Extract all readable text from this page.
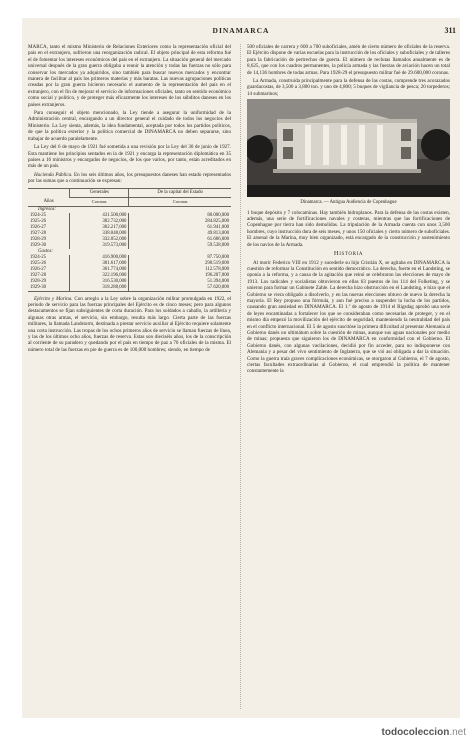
DINAMARCA	311

MARCA, tanto el mismo Ministerio de Relaciones Exteriores como la representación oficial del país en el extranjero, sufrieron una reorganización radical. El objeto principal de esta reforma fué el de fomentar los intereses económicos del país en el extranjero. La situación general del mercado universal después de la gran guerra obligaba a reunir la atención y todas las fuerzas no sólo para conservar los mercados ya adquiridos, sino también para buscar nuevos mercados y encontrar manera de facilitar al país los primeros materias y más baratas. Las nuevas agrupaciones políticas creadas por la gran guerra hicieron necesario el aumento de la representación del país en el extranjero, con el fin de mejorar el servicio de informaciones oficiales, tanto en sentido económico como social y político, y de proteger más eficazmente los intereses de los súbditos daneses en los países extranjeros.

Para conseguir el objeto mencionado, la Ley tiende a asegurar la uniformidad de la Administración central, encargando a un director general el cuidado de todos los negocios del Ministerio. La Ley sienta, además, la idea fundamental, aceptada por todos los partidos políticos, de que la política exterior y la política comercial de DINAMARCA no deben separarse, sino trabajar de acuerdo paralelamente.

La Ley del 6 de mayo de 1921 fué sometida a una revisión por la Ley del 30 de junio de 1927. Esta mantiene los principios sentados en la de 1921 y encarga la representación diplomática en 35 países a 16 ministros y encargados de negocios, de los que varios, por tanto, están acreditados en más de un país.

Hacienda Pública. En los seis últimos años, los presupuestos daneses han estado representados por las sumas que a continuación se expresan:

Años	Generales	De la capital del Estado
	Coronas	Coronas
Ingresos:		
1924-25	431.500,000	80.000,000
1925-26	382.732,000	284.825,000
1926-27	362.217,000	61.941,000
1927-28	338.048,000	49.813,000
1928-29	332.052,000	61.686,000
1929-30	319.573,000	59.538,000
Gastos:		
1924-25	416.900,000	87.750,000
1925-26	381.617,000	290.519,000
1926-27	361.774,000	112.578,000
1927-28	322.196,000	196.207,000
1928-29	316.530,000	51.394,000
1929-30	318.288,000	57.620,000

Ejército y Marina. Con arreglo a la Ley sobre la organización militar promulgada en 1922, el período de servicio para las fuerzas principales del Ejército es de cinco meses; pero para algunos destacamentos se fijan subsiguientes de corta duración. Para los soldados a caballo, la artillería y algunas otras armas, el servicio, sin embargo, resulta más largo. Cierta parte de las fuerzas militares, la llamada Landstorm, destinada a prestar servicio auxiliar al Ejército requiere solamente una corta instrucción. Las tropas de los ochos primeros años de servicio se llaman fuerzas de línea, y las de los últimos ocho años, fuerzas de reserva. Estas son dieciséis años, los de la conscripción al corriente de su paradero y quedando por el país en tiempo de paz a 70 oficiales de la misma. El número total de las fuerzas en pie de guerra es de 100,000 hombres; siendo, en tiempo de

500 oficiales de carrera y 600 a 700 suboficiales, amén de cierto número de oficiales de la reserva. El Ejército dispone de varias escuelas para la instrucción de los oficiales y suboficiales y de talleres para la fabricación de pertrechos de guerra. El número de reclutas llamados anualmente es de 8,625, que con los cuadros permanentes, la policía armada y las fuerzas de aviación hacen un total de 14,136 hombres de todas armas. Para 1928-29 el presupuesto militar fué de 29.600,000 coronas.

La Armada, construida principalmente para la defensa de las costas, comprende tres acorazados guardacostas, de 3,500 a 3,800 ton. y uno de 4,800; 5 buques de vigilancia de pesca; 20 torpederos; 14 submarinos;

Dinamarca. — Antigua Audiencia de Copenhague

1 buque depósito y 7 colocaminas. Hay también hidroplanos. Para la defensa de las costas existen, además, una serie de fortificaciones navales y costeras, mientras que las fortificaciones de Copenhague por tierra han sido demolidas. La tripulación de la Armada cuenta con unos 3,500 hombres, cuyo instrucción dura de seis meses, y unos 150 oficiales y cierto número de suboficiales. El arsenal de la Marina, muy bien organizado, está encargado de la construcción y sostenimiento de los navíos de la Armada.

Historia

Al morir Federico VIII en 1912 y sucederle su hijo Cristián X, se agitaba en DINAMARCA la cuestión de reformar la Constitución en sentido democrático. La derecha, fuerte en el Landsting, se oponía a la reforma, y a causa de la agitación que reinó se celebraron las elecciones de mayo de 1913. Los radicales y socialistas obtuvieron en ellas 63 puestos de los 114 del Folketing, y se unieron para formar un Gabinete Zahle. La derecha hizo obstrucción en el Landsting, e hizo que el Gobierno se viera obligado a disolverlo, y en las nuevas elecciones obtuvo de nuevo la derecha la mayoría. El Rey propuso una fórmula, y aun fué preciso a suspender la lucha de los partidos, causando gran ansiedad en DINAMARCA. El 1.º de agosto de 1914 el Rigsdag aprobó una serie de leyes encaminadas a fortalecer los que se consideraban como necesarias de proteger, y en el mismo día empezó la movilización del ejército de seguridad, manteniendo la neutralidad del país en el conflicto internacional. El 5 de agosto suscitóse la primera dificultad al presentar Alemania al Gobierno danés un ultimátum sobre la cuestión de minas, aunque sus aguas nacionales por medio de minas; propuesta que siguieron los de DINAMARCA en conformidad con el Gobierno. El Gobierno danés, con algunas vacilaciones, decidió por fin acceder, para no indisponerse con Alemania y a pesar del vivo sentimiento de Inglaterra, que se vió así obligada a dar la situación. Como la guerra traía graves complicaciones económicas, se otorgaron al Gobierno, el 7 de agosto, ciertas facultades extraordinarias al Gobierno, el cual emprendió la política de mantener constantemente la

todocoleccion.net
